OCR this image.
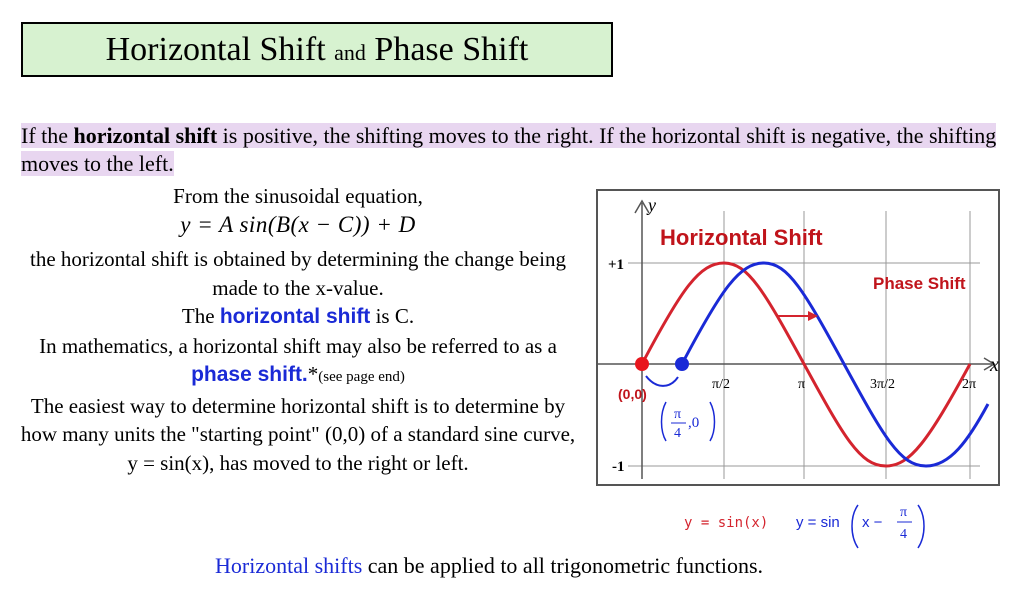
Horizontal Shift and Phase Shift
If the horizontal shift is positive, the shifting moves to the right. If the horizontal shift is negative, the shifting moves to the left.
From the sinusoidal equation,
y = A sin(B(x − C)) + D
the horizontal shift is obtained by determining the change being made to the x-value.
The horizontal shift is C.
In mathematics, a horizontal shift may also be referred to as a phase shift.*(see page end)
The easiest way to determine horizontal shift is to determine by how many units the "starting point" (0,0) of a standard sine curve, y = sin(x), has moved to the right or left.
Horizontal Shift
Phase Shift
y
x
+1
-1
(0,0)
π/2	π	3π/2	2π
π
4
,0
y = sin(x) y = sin x −
π
4
Horizontal shifts can be applied to all trigonometric functions.
